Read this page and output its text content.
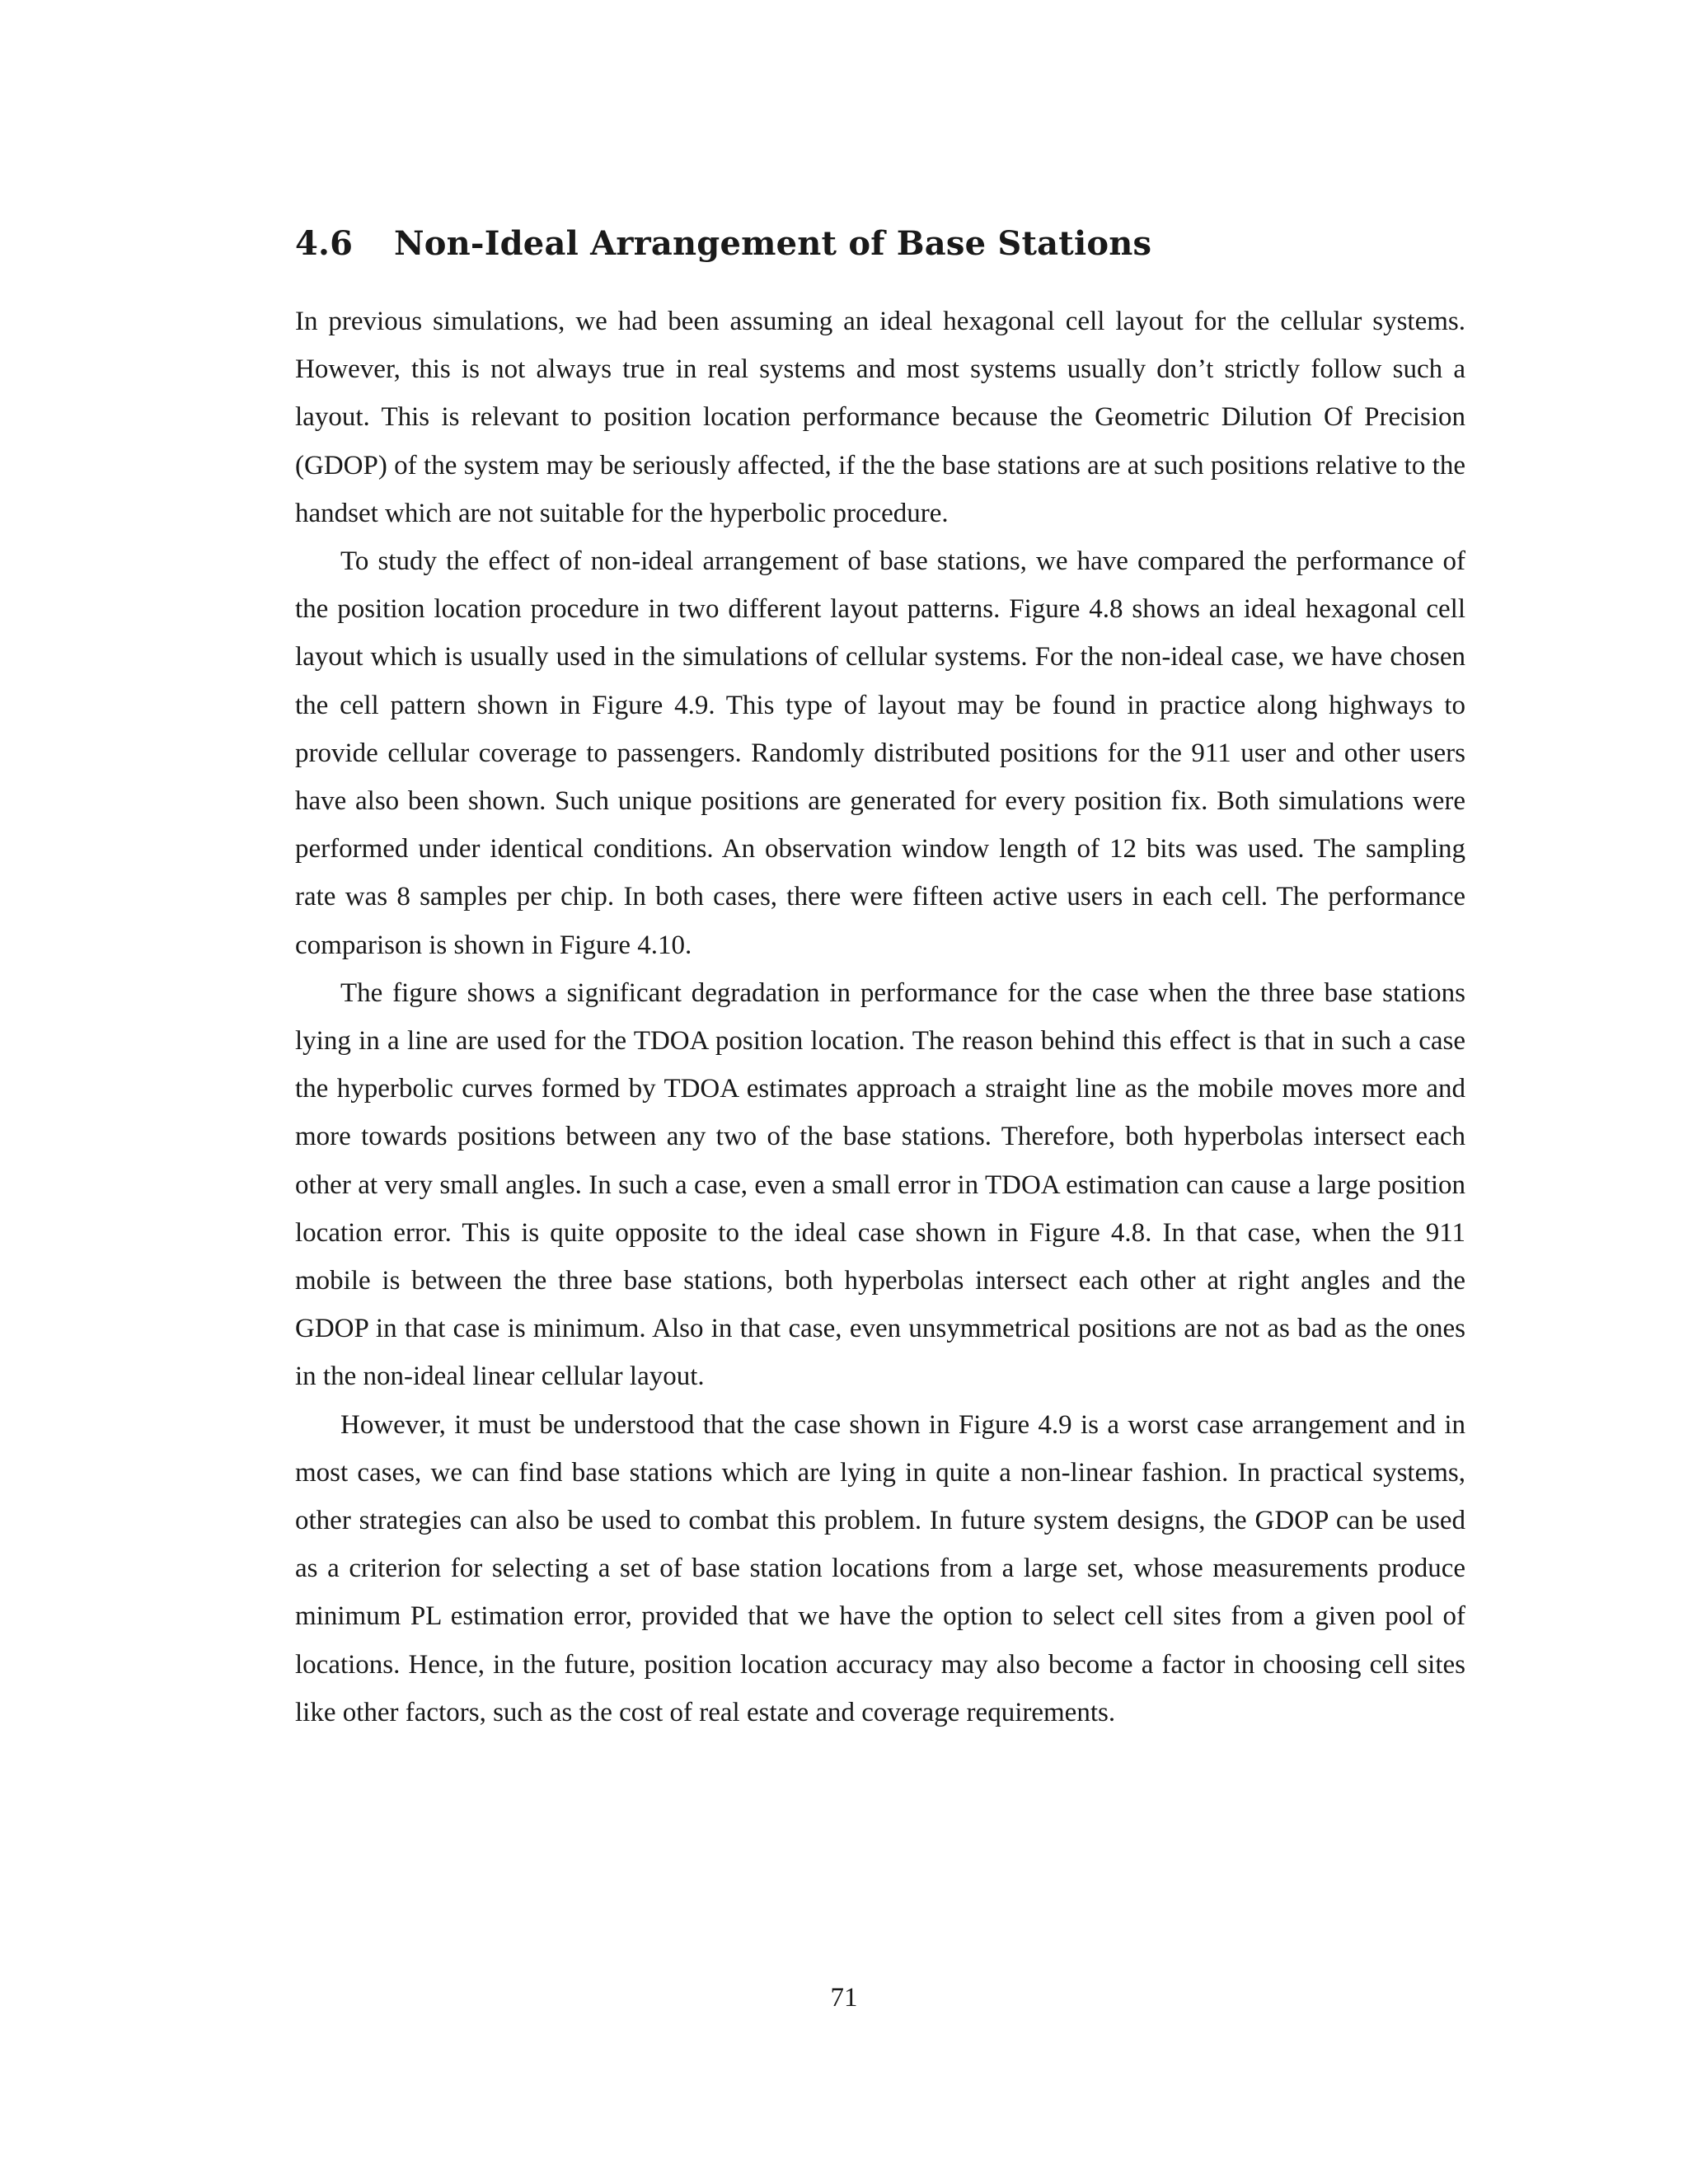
4.6 Non-Ideal Arrangement of Base Stations

In previous simulations, we had been assuming an ideal hexagonal cell layout for the cellular systems. However, this is not always true in real systems and most systems usually don’t strictly follow such a layout. This is relevant to position location performance because the Geometric Dilution Of Precision (GDOP) of the system may be seriously affected, if the the base stations are at such positions relative to the handset which are not suitable for the hyperbolic procedure.

To study the effect of non-ideal arrangement of base stations, we have compared the performance of the position location procedure in two different layout patterns. Figure 4.8 shows an ideal hexagonal cell layout which is usually used in the simulations of cellular systems. For the non-ideal case, we have chosen the cell pattern shown in Figure 4.9. This type of layout may be found in practice along highways to provide cellular coverage to passengers. Randomly distributed positions for the 911 user and other users have also been shown. Such unique positions are generated for every position fix. Both simulations were performed under identical conditions. An observation window length of 12 bits was used. The sampling rate was 8 samples per chip. In both cases, there were fifteen active users in each cell. The performance comparison is shown in Figure 4.10.

The figure shows a significant degradation in performance for the case when the three base stations lying in a line are used for the TDOA position location. The reason behind this effect is that in such a case the hyperbolic curves formed by TDOA estimates approach a straight line as the mobile moves more and more towards positions between any two of the base stations. Therefore, both hyperbolas intersect each other at very small angles. In such a case, even a small error in TDOA estimation can cause a large position location error. This is quite opposite to the ideal case shown in Figure 4.8. In that case, when the 911 mobile is between the three base stations, both hyperbolas intersect each other at right angles and the GDOP in that case is minimum. Also in that case, even unsymmetrical positions are not as bad as the ones in the non-ideal linear cellular layout.

However, it must be understood that the case shown in Figure 4.9 is a worst case arrangement and in most cases, we can find base stations which are lying in quite a non-linear fashion. In practical systems, other strategies can also be used to combat this problem. In future system designs, the GDOP can be used as a criterion for selecting a set of base station locations from a large set, whose measurements produce minimum PL estimation error, provided that we have the option to select cell sites from a given pool of locations. Hence, in the future, position location accuracy may also become a factor in choosing cell sites like other factors, such as the cost of real estate and coverage requirements.

71
